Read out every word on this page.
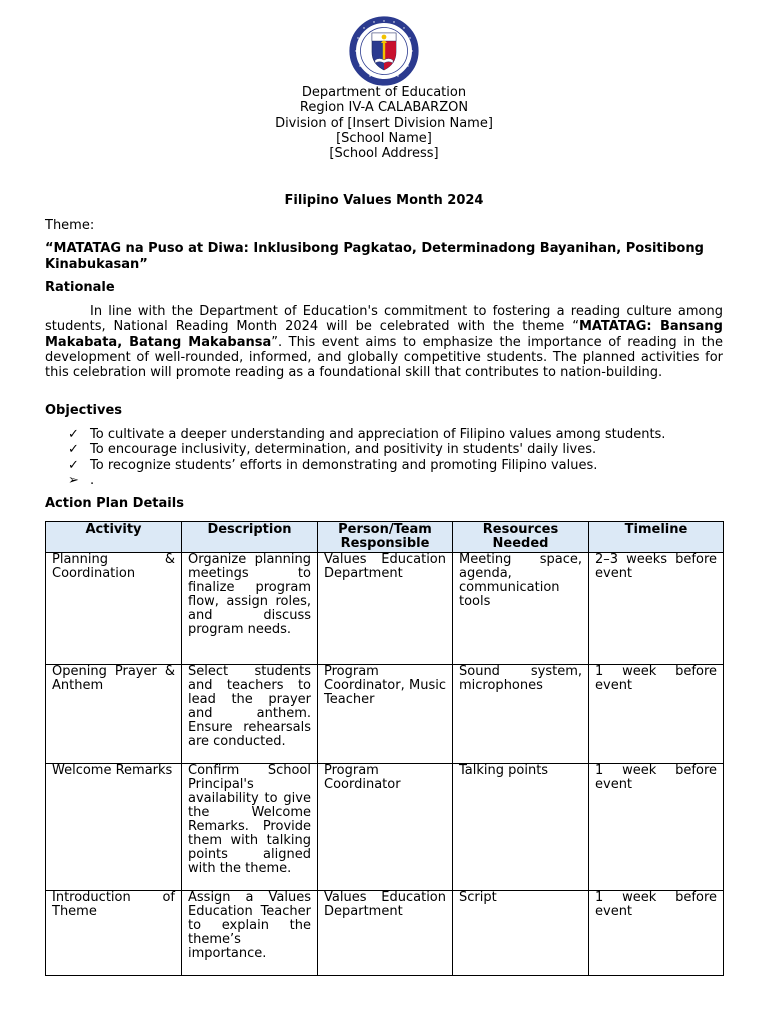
Department of Education
Region IV-A CALABARZON
Division of [Insert Division Name]
[School Name]
[School Address]
Filipino Values Month 2024
Theme:
“MATATAG na Puso at Diwa: Inklusibong Pagkatao, Determinadong Bayanihan, Positibong Kinabukasan”
Rationale
In line with the Department of Education's commitment to fostering a reading culture among students, National Reading Month 2024 will be celebrated with the theme “MATATAG: Bansang Makabata, Batang Makabansa”. This event aims to emphasize the importance of reading in the development of well-rounded, informed, and globally competitive students. The planned activities for this celebration will promote reading as a foundational skill that contributes to nation-building.
Objectives
✓ To cultivate a deeper understanding and appreciation of Filipino values among students.
✓ To encourage inclusivity, determination, and positivity in students' daily lives.
✓ To recognize students’ efforts in demonstrating and promoting Filipino values.
➢ .
Action Plan Details
Activity	Description	Person/Team Responsible	Resources Needed	Timeline
Planning & Coordination	Organize planning meetings to finalize program flow, assign roles, and discuss program needs.	Values Education Department	Meeting space, agenda, communication tools	2–3 weeks before event
Opening Prayer & Anthem	Select students and teachers to lead the prayer and anthem. Ensure rehearsals are conducted.	Program Coordinator, Music Teacher	Sound system, microphones	1 week before event
Welcome Remarks	Confirm School Principal's availability to give the Welcome Remarks. Provide them with talking points aligned with the theme.	Program Coordinator	Talking points	1 week before event
Introduction of Theme	Assign a Values Education Teacher to explain the theme’s importance.	Values Education Department	Script	1 week before event
